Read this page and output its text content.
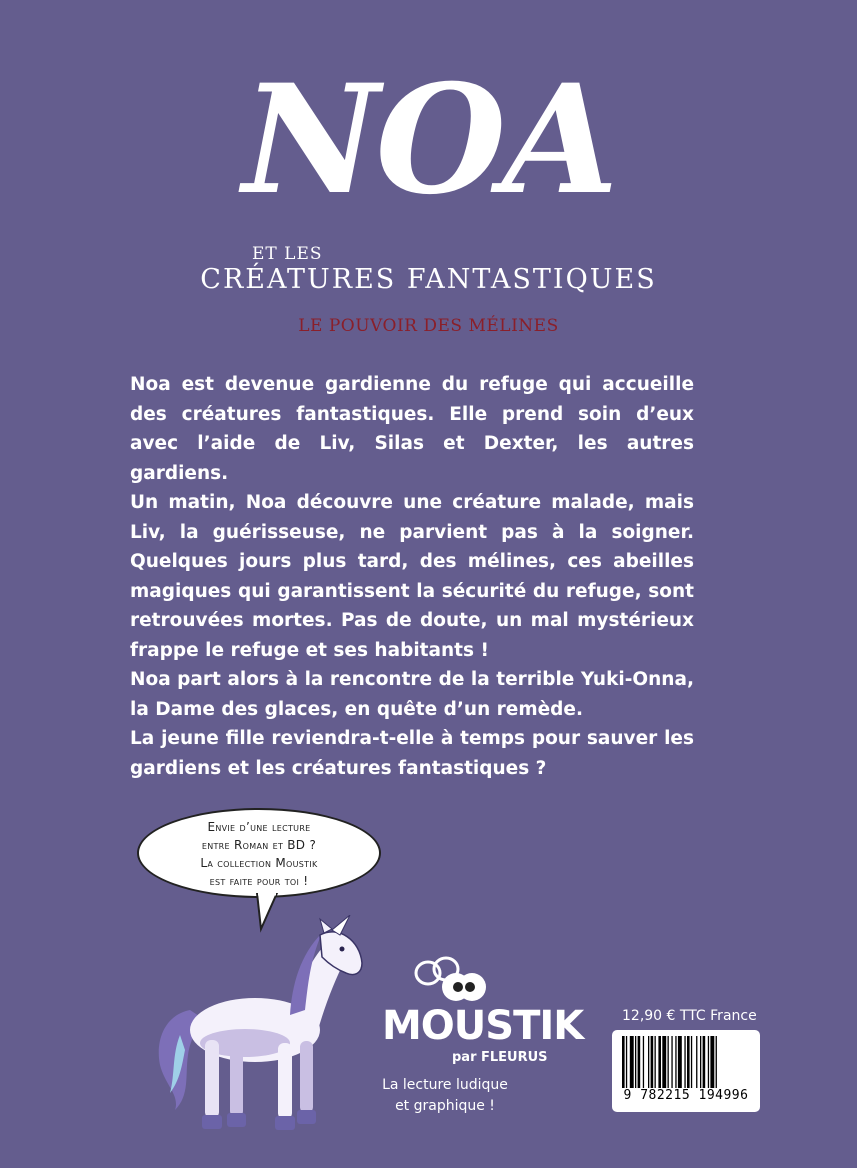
NOA
ET LES
CRÉATURES FANTASTIQUES
LE POUVOIR DES MÉLINES

Noa est devenue gardienne du refuge qui accueille des créatures fantastiques. Elle prend soin d’eux avec l’aide de Liv, Silas et Dexter, les autres gardiens.

Un matin, Noa découvre une créature malade, mais Liv, la guérisseuse, ne parvient pas à la soigner. Quelques jours plus tard, des mélines, ces abeilles magiques qui garantissent la sécurité du refuge, sont retrouvées mortes. Pas de doute, un mal mystérieux frappe le refuge et ses habitants !

Noa part alors à la rencontre de la terrible Yuki-Onna, la Dame des glaces, en quête d’un remède.

La jeune fille reviendra-t-elle à temps pour sauver les gardiens et les créatures fantastiques ?

Envie d’une lecture
entre Roman et BD ?
La collection Moustik
est faite pour toi !
MOUSTIK
par FLEURUS
La lecture ludique
et graphique !
12,90 € TTC France
9 782215 194996
